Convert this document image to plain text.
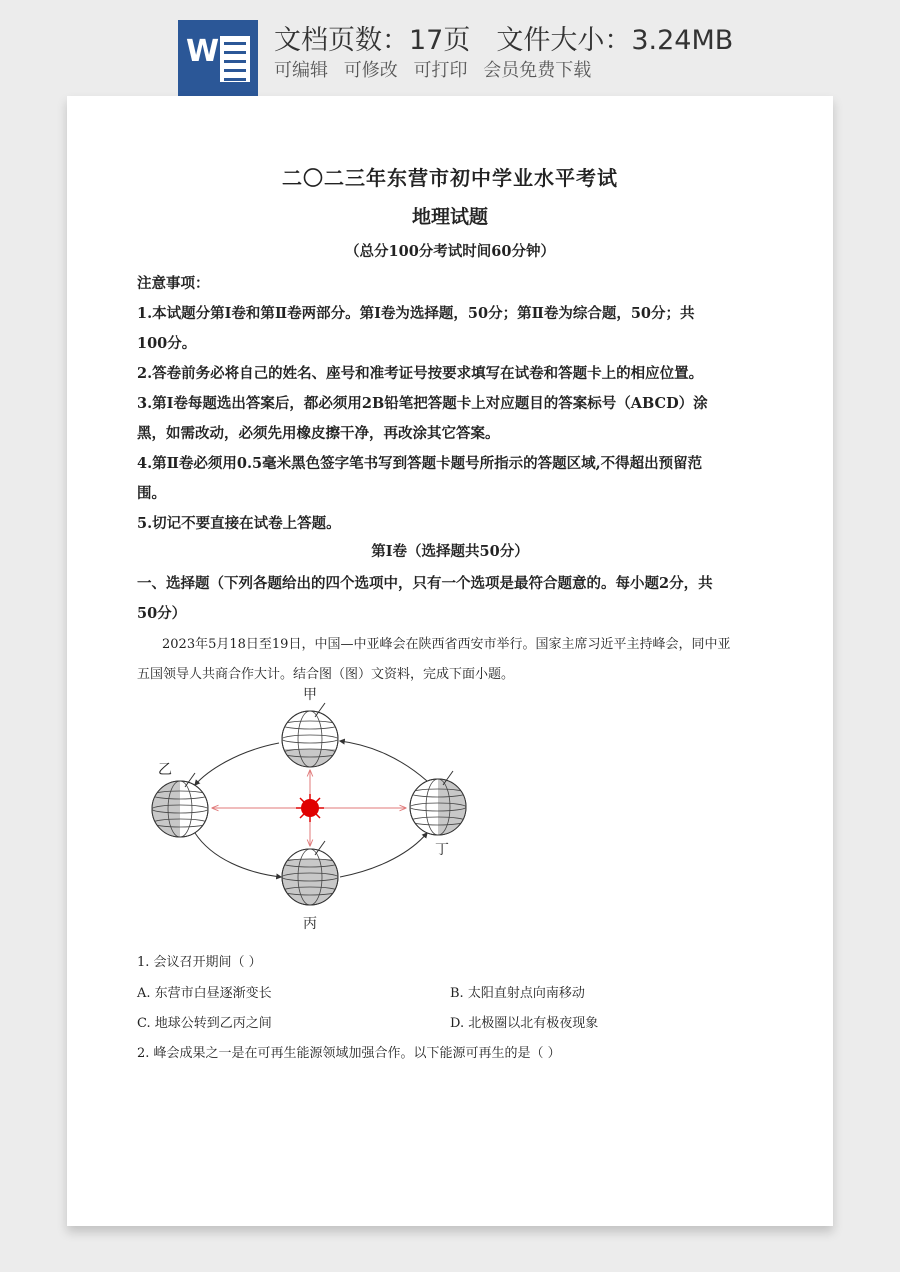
W 文档页数：17页 文件大小：3.24MB
可编辑 可修改 可打印 会员免费下载
二〇二三年东营市初中学业水平考试
地理试题
（总分100分考试时间60分钟）
注意事项：
1.本试题分第Ⅰ卷和第Ⅱ卷两部分。第Ⅰ卷为选择题，50分；第Ⅱ卷为综合题，50分；共
100分。
2.答卷前务必将自己的姓名、座号和准考证号按要求填写在试卷和答题卡上的相应位置。
3.第Ⅰ卷每题选出答案后，都必须用2B铅笔把答题卡上对应题目的答案标号（ABCD）涂
黑，如需改动，必须先用橡皮擦干净，再改涂其它答案。
4.第Ⅱ卷必须用0.5毫米黑色签字笔书写到答题卡题号所指示的答题区域,不得超出预留范
围。
5.切记不要直接在试卷上答题。
第Ⅰ卷（选择题共50分）
一、选择题（下列各题给出的四个选项中，只有一个选项是最符合题意的。每小题2分，共
50分）
2023年5月18日至19日，中国—中亚峰会在陕西省西安市举行。国家主席习近平主持峰会，同中亚
五国领导人共商合作大计。结合图（图）文资料，完成下面小题。
甲
乙
丙
丁
1. 会议召开期间（ ）
A. 东营市白昼逐渐变长	B. 太阳直射点向南移动
C. 地球公转到乙丙之间	D. 北极圈以北有极夜现象
2. 峰会成果之一是在可再生能源领域加强合作。以下能源可再生的是（ ）
